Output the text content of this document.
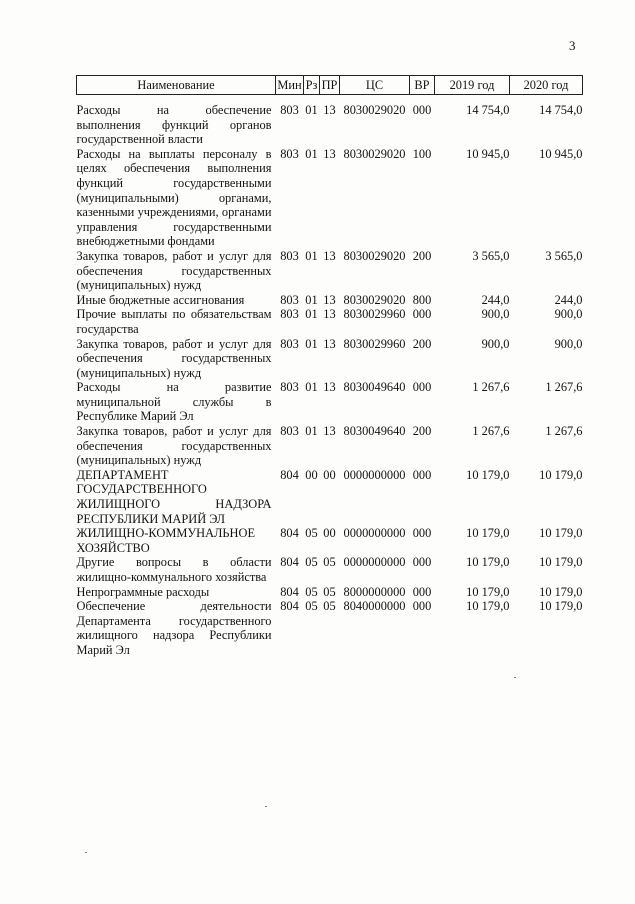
3
Наименование	Мин	Рз	ПР	ЦС	ВР	2019 год	2020 год
Расходы на обеспечение выполнения функций органов государственной власти	803	01	13	8030029020	000	14 754,0	14 754,0
Расходы на выплаты персоналу в целях обеспечения выполнения функций государственными (муниципальными) органами, казенными учреждениями, органами управления государственными внебюджетными фондами	803	01	13	8030029020	100	10 945,0	10 945,0
Закупка товаров, работ и услуг для обеспечения государственных (муниципальных) нужд	803	01	13	8030029020	200	3 565,0	3 565,0
Иные бюджетные ассигнования	803	01	13	8030029020	800	244,0	244,0
Прочие выплаты по обязательствам государства	803	01	13	8030029960	000	900,0	900,0
Закупка товаров, работ и услуг для обеспечения государственных (муниципальных) нужд	803	01	13	8030029960	200	900,0	900,0
Расходы на развитие муниципальной службы в Республике Марий Эл	803	01	13	8030049640	000	1 267,6	1 267,6
Закупка товаров, работ и услуг для обеспечения государственных (муниципальных) нужд	803	01	13	8030049640	200	1 267,6	1 267,6
ДЕПАРТАМЕНТ ГОСУДАРСТВЕННОГО ЖИЛИЩНОГО НАДЗОРА РЕСПУБЛИКИ МАРИЙ ЭЛ	804	00	00	0000000000	000	10 179,0	10 179,0
ЖИЛИЩНО-КОММУНАЛЬНОЕ ХОЗЯЙСТВО	804	05	00	0000000000	000	10 179,0	10 179,0
Другие вопросы в области жилищно-коммунального хозяйства	804	05	05	0000000000	000	10 179,0	10 179,0
Непрограммные расходы	804	05	05	8000000000	000	10 179,0	10 179,0
Обеспечение деятельности Департамента государственного жилищного надзора Республики Марий Эл	804	05	05	8040000000	000	10 179,0	10 179,0
